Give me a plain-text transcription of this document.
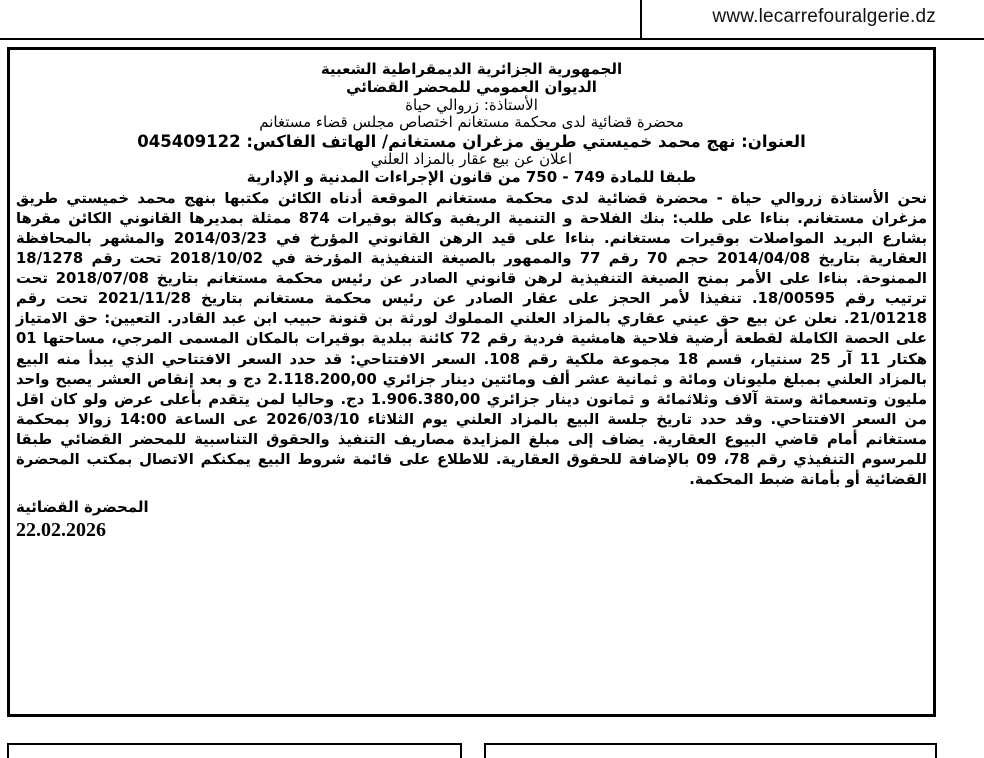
www.lecarrefouralgerie.dz
الجمهورية الجزائرية الديمقراطية الشعبية
الديوان العمومي للمحضر القضائي
الأستاذة: زروالي حياة
محضرة قضائية لدى محكمة مستغانم اختصاص مجلس قضاء مستغانم
العنوان: نهج محمد خميستي طريق مزغران مستغانم/ الهاتف الفاكس: 045409122
اعلان عن بيع عقار بالمزاد العلني
طبقا للمادة 749 - 750 من قانون الإجراءات المدنية و الإدارية
نحن الأستاذة زروالي حياة - محضرة قضائية لدى محكمة مستغانم الموقعة أدناه الكائن مكتبها بنهج محمد خميستي طريق مزغران مستغانم. بناءا على طلب: بنك الفلاحة و التنمية الريفية وكالة بوقيرات 874 ممثلة بمديرها القانوني الكائن مقرها بشارع البريد المواصلات بوقيرات مستغانم. بناءا على قيد الرهن القانوني المؤرخ في 2014/03/23 والمشهر بالمحافظة العقارية بتاريخ 2014/04/08 حجم 70 رقم 77 والممهور بالصيغة التنفيذية المؤرخة في 2018/10/02 تحت رقم 18/1278 الممنوحة. بناءا على الأمر بمنح الصيغة التنفيذية لرهن قانوني الصادر عن رئيس محكمة مستغانم بتاريخ 2018/07/08 تحت ترتيب رقم 18/00595. تنفيذا لأمر الحجز على عقار الصادر عن رئيس محكمة مستغانم بتاريخ 2021/11/28 تحت رقم 21/01218. نعلن عن بيع حق عيني عقاري بالمزاد العلني المملوك لورثة بن قنونة حبيب ابن عبد القادر. التعيين: حق الامتياز على الحصة الكاملة لقطعة أرضية فلاحية هامشية فردية رقم 72 كائنة ببلدية بوقيرات بالمكان المسمى المرجي، مساحتها 01 هكتار 11 آر 25 سنتيار، قسم 18 مجموعة ملكية رقم 108. السعر الافتتاحي: قد حدد السعر الافتتاحي الذي يبدأ منه البيع بالمزاد العلني بمبلغ مليونان ومائة و ثمانية عشر ألف ومائتين دينار جزائري 2.118.200,00 دج و بعد إنقاص العشر يصبح واحد مليون وتسعمائة وستة آلاف وثلاثمائة و ثمانون دينار جزائري 1.906.380,00 دج. وحاليا لمن يتقدم بأعلى عرض ولو كان اقل من السعر الافتتاحي. وقد حدد تاريخ جلسة البيع بالمزاد العلني يوم الثلاثاء 2026/03/10 عى الساعة 14:00 زوالا بمحكمة مستغانم أمام قاضي البيوع العقارية. يضاف إلى مبلغ المزايدة مصاريف التنفيذ والحقوق التناسبية للمحضر القضائي طبقا للمرسوم التنفيذي رقم 78، 09 بالإضافة للحقوق العقارية. للاطلاع على قائمة شروط البيع يمكنكم الاتصال بمكتب المحضرة القضائية أو بأمانة ضبط المحكمة.
المحضرة القضائية
22.02.2026
